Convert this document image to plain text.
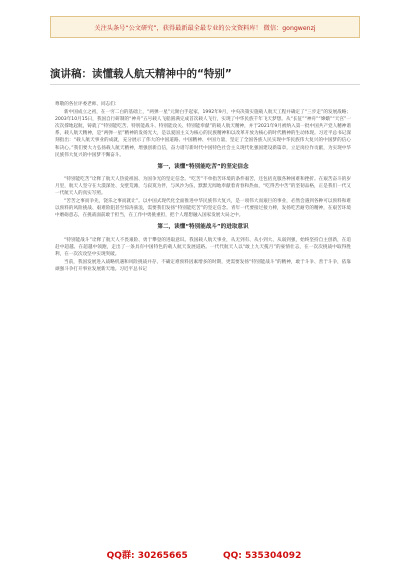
关注头条号“公文研究”，获得最新最全最专业的公文资料库！ 微信：gongwenzj
演讲稿：读懂载人航天精神中的“特别”

尊敬的各位评委老师、同志们：

新中国成立之初，在一穷二白的基础上，“两弹一星”元勋白手起家，1992年9月，中央决策实施载人航天工程并确定了“三步走”的发展战略；2003年10月15日，我国自行研制的“神舟”五号载人飞船圆满完成首次载人飞行，实现了中华民族千年飞天梦想。从“长征”“神舟”“嫦娥”“天宫”一次次撑地起航，铸就了“特别能吃苦、特别能战斗、特别能攻关、特别能奉献”的载人航天精神，并于2021年9月被纳入第一批中国共产党人精神谱系，载人航天精神，是“两弹一星”精神的发扬光大，是以爱国主义为核心的民族精神和以改革开放为核心的时代精神的生动体现。习近平总书记深刻指出：“载人航天事业的成就，充分展示了伟大的中国道路、中国精神、中国力量，坚定了全国各族人民实现中华民族伟大复兴的中国梦的信心和决心。”我们要大力弘扬载人航天精神，增强创新自信，奋力谱写新时代中国特色社会主义现代化强国建设新篇章，立足岗位作贡献，为实现中华民族伟大复兴的中国梦不懈奋斗。

第一，读懂“特别能吃苦”的坚定信念

“特别能吃苦”诠释了航天人热爱祖国、为国争光的坚定信念。“吃苦”不单指苦环境的条件艰苦，还包括克服各种困难和挫折。在艰苦奋斗的岁月里，航天人坚守在大漠深处、戈壁荒滩，与寂寞为伴，与风沙为伍，默默无闻地奉献着青春和热血，“吃得苦中苦”的坚韧品格，正是我们一代又一代航天人的真实写照。

“苦苦之事而争先，饶乐之事而就让”。以中国式现代化全面推进中华民族伟大复兴，是一项伟大而艰巨的事业，必然会遇到各种可以预料和难以预料的风险挑战、艰难险阻甚至惊涛骇浪，需要我们发扬“特别能吃苦”的坚定信念。青年一代要接过接力棒，发扬吃苦耐劳的精神，在艰苦环境中磨砺意志，在挑战面前敢于担当，在工作中勇挑重担，把个人理想融入国家发展大局之中。

第二，读懂“特别能战斗”的进取意识

“特别能战斗”诠释了航天人不畏艰险、勇于攀登的进取意识。我国载人航天事业，从无到有、从小到大、从弱到强，始终坚持自主创新，在追赶中超越、在超越中领跑，走出了一条具有中国特色的载人航天发展道路。一代代航天人以“敢上九天揽月”的豪情壮志，在一次次挑战中取得胜利，在一次次攻坚中实现突破。

当前，我国发展进入战略机遇和风险挑战并存、不确定难预料因素增多的时期，更需要发扬“特别能战斗”的精神，敢于斗争、善于斗争，依靠顽强斗争打开事业发展新天地。习近平总书记

QQ群: 30265665	QQ: 535304092
